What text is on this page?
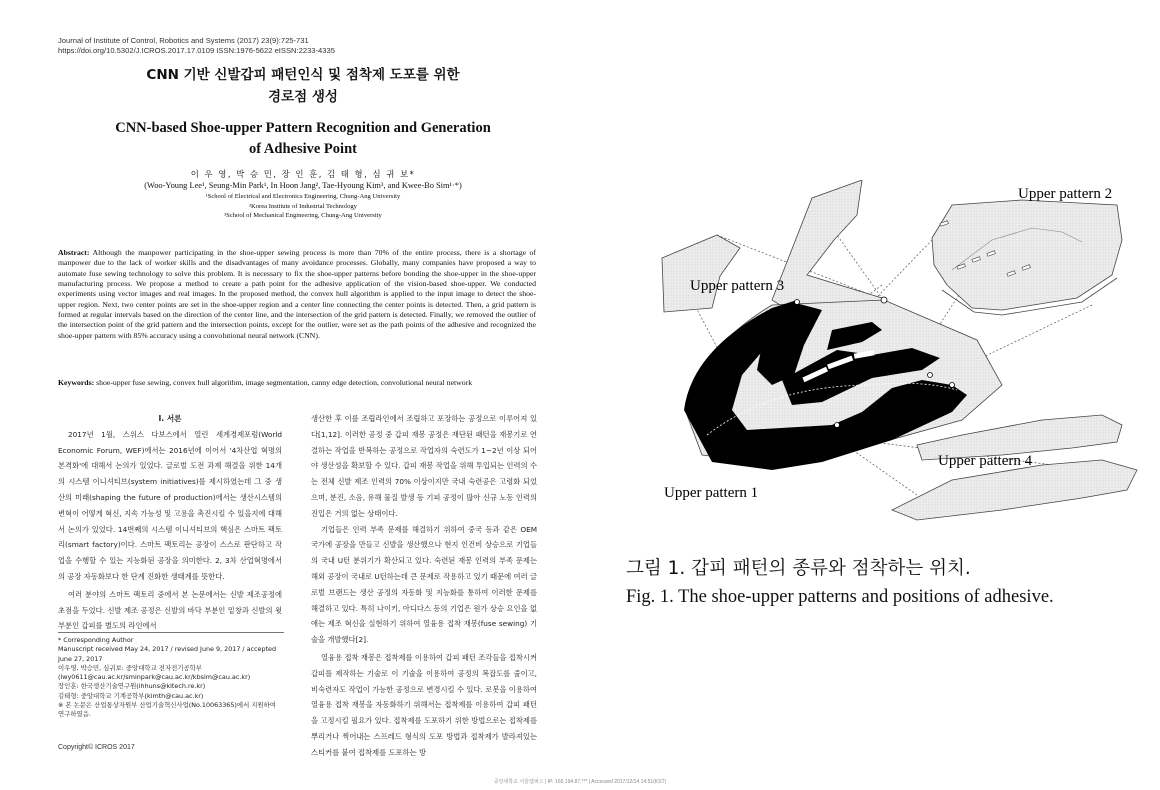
Journal of Institute of Control, Robotics and Systems (2017) 23(9):725-731
https://doi.org/10.5302/J.ICROS.2017.17.0109 ISSN:1976-5622 eISSN:2233-4335
CNN 기반 신발갑피 패턴인식 및 점착제 도포를 위한
경로점 생성
CNN-based Shoe-upper Pattern Recognition and Generation
of Adhesive Point
이 우 영, 박 승 민, 장 인 훈, 김 태 형, 심 귀 보*
(Woo-Young Lee¹, Seung-Min Park¹, In Hoon Jang², Tae-Hyoung Kim³, and Kwee-Bo Sim¹·*)
¹School of Electrical and Electronics Engineering, Chung-Ang University
²Korea Institute of Industrial Technology
³School of Mechanical Engineering, Chung-Ang University
Abstract: Although the manpower participating in the shoe-upper sewing process is more than 70% of the entire process, there is a shortage of manpower due to the lack of worker skills and the disadvantages of many avoidance processes. Globally, many companies have proposed a way to automate fuse sewing technology to solve this problem. It is necessary to fix the shoe-upper patterns before bonding the shoe-upper in the shoe-upper manufacturing process. We propose a method to create a path point for the adhesive application of the vision-based shoe-upper. We conducted experiments using vector images and real images. In the proposed method, the convex hull algorithm is applied to the input image to detect the shoe-upper region. Next, two center points are set in the shoe-upper region and a center line connecting the center points is detected. Then, a grid pattern is formed at regular intervals based on the direction of the center line, and the intersection of the grid pattern is detected. Finally, we removed the outlier of the intersection point of the grid pattern and the intersection points, except for the outlier, were set as the path points of the adhesive and recognized the shoe-upper pattern with 85% accuracy using a convolutional neural network (CNN).
Keywords: shoe-upper fuse sewing, convex hull algorithm, image segmentation, canny edge detection, convolutional neural network
I. 서론

2017년 1월, 스위스 다보스에서 열린 세계경제포럼(World Economic Forum, WEF)에서는 2016년에 이어서 '4차산업 혁명의 본격화'에 대해서 논의가 있었다. 글로벌 도전 과제 해결을 위한 14개의 시스템 이니셔티브(system initiatives)를 제시하였는데 그 중 생산의 미래(shaping the future of production)에서는 생산시스템의 변혁이 어떻게 혁신, 지속 가능성 및 고용을 촉진시킬 수 있을지에 대해서 논의가 있었다. 14번째의 시스템 이니셔티브의 핵심은 스마트 팩토리(smart factory)이다. 스마트 팩토리는 공장이 스스로 판단하고 작업을 수행할 수 있는 지능화된 공장을 의미한다. 2, 3차 산업혁명에서의 공장 자동화보다 한 단계 진화한 생태계를 뜻한다.

여러 분야의 스마트 팩토리 중에서 본 논문에서는 신발 제조공정에 초점을 두었다. 신발 제조 공정은 신발의 바닥 부분인 밑창과 신발의 윗부분인 갑피를 별도의 라인에서

생산한 후 이를 조립라인에서 조립하고 포장하는 공정으로 이루어져 있다[1,12]. 이러한 공정 중 갑피 재봉 공정은 재단된 패턴을 재봉기로 연결하는 작업을 반복하는 공정으로 작업자의 숙련도가 1~2년 이상 되어야 생산성을 확보할 수 있다. 갑피 재봉 작업을 위해 투입되는 인력의 수는 전체 신발 제조 인력의 70% 이상이지만 국내 숙련공은 고령화 되었으며, 분진, 소음, 유해 물질 발생 등 기피 공정이 많아 신규 노동 인력의 진입은 거의 없는 상태이다.

기업들은 인력 부족 문제를 해결하기 위하여 중국 등과 같은 OEM 국가에 공장을 만들고 신발을 생산했으나 현지 인건비 상승으로 기업들의 국내 U턴 분위기가 확산되고 있다. 숙련된 재봉 인력의 부족 문제는 해외 공장이 국내로 U턴하는데 큰 문제로 작용하고 있기 때문에 여러 글로벌 브랜드는 생산 공정의 자동화 및 지능화를 통하여 이러한 문제를 해결하고 있다. 특히 나이키, 아디다스 등의 기업은 원가 상승 요인을 없애는 제조 혁신을 실현하기 위하여 열융용 접착 재봉(fuse sewing) 기술을 개발했다[2].

열융용 접착 재봉은 접착제를 이용하여 갑피 패턴 조각들을 접착시켜 갑피를 제작하는 기술로 이 기술을 이용하여 공정의 복잡도를 줄이고, 비숙련자도 작업이 가능한 공정으로 변경시킬 수 있다. 로봇을 이용하여 열융용 접착 재봉을 자동화하기 위해서는 접착제를 이용하여 갑피 패턴을 고정시킬 필요가 있다. 접착제를 도포하기 위한 방법으로는 접착제를 뿌리거나 찍어내는 스프레드 형식의 도포 방법과 접착제가 발라져있는 스티커를 붙여 접착제를 도포하는 방

* Corresponding Author
Manuscript received May 24, 2017 / revised June 9, 2017 / accepted June 27, 2017
이우영, 박승민, 심귀보: 중앙대학교 전자전기공학부
(lwy0611@cau.ac.kr/sminpark@cau.ac.kr/kbsim@cau.ac.kr)
장인훈: 한국생산기술연구원(ihhuns@kitech.re.kr)
김태형: 중앙대학교 기계공학부(kimth@cau.ac.kr)
※ 본 논문은 산업통상자원부 산업기술혁신사업(No.10063365)에서 지원하여 연구하였음.
Copyright© ICROS 2017
중앙대학교 서울캠퍼스 | IP: 165.194.87.*** | Accessed 2017/12/14 14:51(KST)
Upper pattern 2
Upper pattern 3
Upper pattern 4
Upper pattern 1
그림 1. 갑피 패턴의 종류와 점착하는 위치.
Fig. 1. The shoe-upper patterns and positions of adhesive.
